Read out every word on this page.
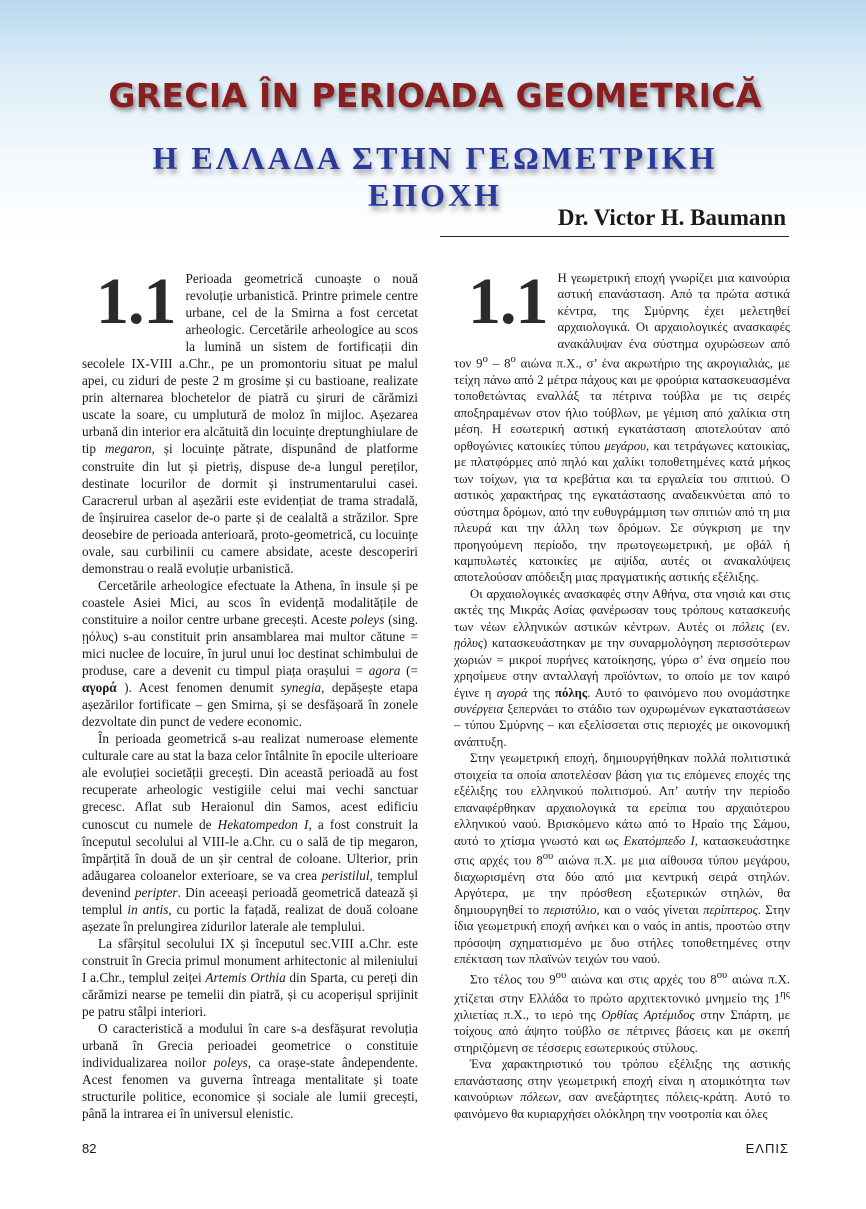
GRECIA ÎN PERIOADA GEOMETRICĂ
Η ΕΛΛΑΔΑ ΣΤΗΝ ΓΕΩΜΕΤΡΙΚΗ ΕΠΟΧΗ
Dr. Victor H. Baumann

1.1 Perioada geometrică cunoaște o nouă revoluție urbanistică. Printre primele centre urbane, cel de la Smirna a fost cercetat arheologic. Cercetările arheologice au scos la lumină un sistem de fortificații din secolele IX-VIII a.Chr., pe un promontoriu situat pe malul apei, cu ziduri de peste 2 m grosime și cu bastioane, realizate prin alternarea blochetelor de piatră cu șiruri de cărămizi uscate la soare, cu umplutură de moloz în mijloc. Așezarea urbană din interior era alcătuită din locuințe dreptunghiulare de tip megaron, și locuințe pătrate, dispunând de platforme construite din lut și pietriș, dispuse de-a lungul pereților, destinate locurilor de dormit și instrumentarului casei. Caracrerul urban al așezării este evidențiat de trama stradală, de înșiruirea caselor de-o parte și de cealaltă a străzilor. Spre deosebire de perioada anterioară, proto-geometrică, cu locuințe ovale, sau curbilinii cu camere absidate, aceste descoperiri demonstrau o reală evoluție urbanistică.

Cercetările arheologice efectuate la Athena, în insule și pe coastele Asiei Mici, au scos în evidență modalitățile de constituire a noilor centre urbane grecești. Aceste poleys (sing. ῃόλυς) s-au constituit prin ansamblarea mai multor cătune = mici nuclee de locuire, în jurul unui loc destinat schimbului de produse, care a devenit cu timpul piața orașului = agora (= αγορά ). Acest fenomen denumit synegia, depășește etapa așezărilor fortificate – gen Smirna, și se desfășoară în zonele dezvoltate din punct de vedere economic.

În perioada geometrică s-au realizat numeroase elemente culturale care au stat la baza celor întâlnite în epocile ulterioare ale evoluției societății grecești. Din această perioadă au fost recuperate arheologic vestigiile celui mai vechi sanctuar grecesc. Aflat sub Heraionul din Samos, acest edificiu cunoscut cu numele de Hekatompedon I, a fost construit la începutul secolului al VIII-le a.Chr. cu o sală de tip megaron, împărțită în două de un șir central de coloane. Ulterior, prin adăugarea coloanelor exterioare, se va crea peristilul, templul devenind peripter. Din aceeași perioadă geometrică datează și templul in antis, cu portic la fațadă, realizat de două coloane așezate în prelungirea zidurilor laterale ale templului.

La sfârșitul secolului IX și începutul sec.VIII a.Chr. este construit în Grecia primul monument arhitectonic al mileniului I a.Chr., templul zeiței Artemis Orthia din Sparta, cu pereți din cărămizi nearse pe temelii din piatră, și cu acoperișul sprijinit pe patru stâlpi interiori.

O caracteristică a modului în care s-a desfășurat revoluția urbană în Grecia perioadei geometrice o constituie individualizarea noilor poleys, ca orașe-state ândependente. Acest fenomen va guverna întreaga mentalitate și toate structurile politice, economice și sociale ale lumii grecești, până la intrarea ei în universul elenistic.

1.1 Η γεωμετρική εποχή γνωρίζει μια καινούρια αστική επανάσταση. Από τα πρώτα αστικά κέντρα, της Σμύρνης έχει μελετηθεί αρχαιολογικά. Οι αρχαιολογικές ανασκαφές ανακάλυψαν ένα σύστημα οχυρώσεων από τον $9^o - 8^o$ αιώνα π.Χ., σ’ ένα ακρωτήριο της ακρογιαλιάς, με τείχη πάνω από 2 μέτρα πάχους και με φρούρια κατασκευασμένα τοποθετώντας εναλλάξ τα πέτρινα τούβλα με τις σειρές αποξηραμένων στον ήλιο τούβλων, με γέμιση από χαλίκια στη μέση. Η εσωτερική αστική εγκατάσταση αποτελούταν από ορθογώνιες κατοικίες τύπου μεγάρου, και τετράγωνες κατοικίας, με πλατφόρμες από πηλό και χαλίκι τοποθετημένες κατά μήκος των τοίχων, για τα κρεβάτια και τα εργαλεία του σπιτιού. Ο αστικός χαρακτήρας της εγκατάστασης αναδεικνύεται από το σύστημα δρόμων, από την ευθυγράμμιση των σπιτιών από τη μια πλευρά και την άλλη των δρόμων. Σε σύγκριση με την προηγούμενη περίοδο, την πρωτογεωμετρική, με οβάλ ή καμπυλωτές κατοικίες με αψίδα, αυτές οι ανακαλύψεις αποτελούσαν απόδειξη μιας πραγματικής αστικής εξέλιξης.

Οι αρχαιολογικές ανασκαφές στην Αθήνα, στα νησιά και στις ακτές της Μικράς Ασίας φανέρωσαν τους τρόπους κατασκευής των νέων ελληνικών αστικών κέντρων. Αυτές οι πόλεις (εν. ῃόλυς) κατασκευάστηκαν με την συναρμολόγηση περισσότερων χωριών = μικροί πυρήνες κατοίκησης, γύρω σ’ ένα σημείο που χρησίμευε στην ανταλλαγή προϊόντων, το οποίο με τον καιρό έγινε η αγορά της πόλης. Αυτό το φαινόμενο που ονομάστηκε συνέργεια ξεπερνάει το στάδιο των οχυρωμένων εγκαταστάσεων – τύπου Σμύρνης – και εξελίσσεται στις περιοχές με οικονομική ανάπτυξη.

Στην γεωμετρική εποχή, δημιουργήθηκαν πολλά πολιτιστικά στοιχεία τα οποία αποτελέσαν βάση για τις επόμενες εποχές της εξέλιξης του ελληνικού πολιτισμού. Απ’ αυτήν την περίοδο επαναφέρθηκαν αρχαιολογικά τα ερείπια του αρχαιότερου ελληνικού ναού. Βρισκόμενο κάτω από το Ηραίο της Σάμου, αυτό το χτίσμα γνωστό και ως Εκατόμπεδο I, κατασκευάστηκε στις αρχές του $8^{o\upsilon}$ αιώνα π.Χ. με μια αίθουσα τύπου μεγάρου, διαχωρισμένη στα δύο από μια κεντρική σειρά στηλών. Αργότερα, με την πρόσθεση εξωτερικών στηλών, θα δημιουργηθεί το περιστύλιο, και ο ναός γίνεται περίπτερος. Στην ίδια γεωμετρική εποχή ανήκει και ο ναός in antis, προστώο στην πρόσοψη σχηματισμένο με δυο στήλες τοποθετημένες στην επέκταση των πλαϊνών τειχών του ναού.

Στο τέλος του $9^{o\upsilon}$ αιώνα και στις αρχές του $8^{o\upsilon}$ αιώνα π.Χ. χτίζεται στην Ελλάδα το πρώτο αρχιτεκτονικό μνημείο της $1^{\eta\varsigma}$ χιλιετίας π.Χ., το ιερό της Ορθίας Αρτέμιδος στην Σπάρτη, με τοίχους από άψητο τούβλο σε πέτρινες βάσεις και με σκεπή στηριζόμενη σε τέσσερις εσωτερικούς στύλους.

Ένα χαρακτηριστικό του τρόπου εξέλιξης της αστικής επανάστασης στην γεωμετρική εποχή είναι η ατομικότητα των καινούριων πόλεων, σαν ανεξάρτητες πόλεις-κράτη. Αυτό το φαινόμενο θα κυριαρχήσει ολόκληρη την νοοτροπία και όλες

82	ΕΛΠΙΣ
